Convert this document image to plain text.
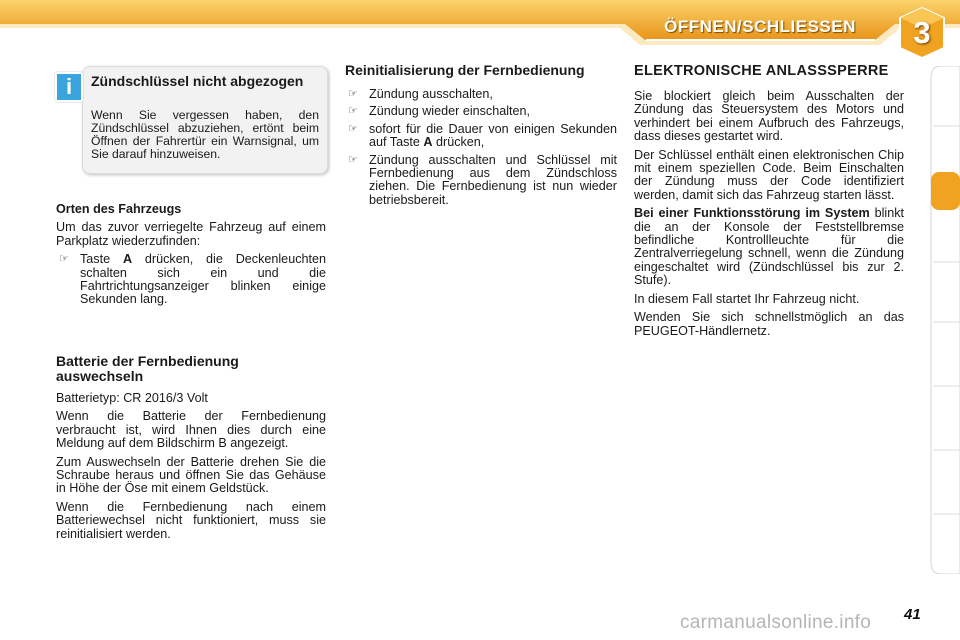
ÖFFNEN/SCHLIESSEN	3
Zündschlüssel nicht abgezogen
Wenn Sie vergessen haben, den Zündschlüssel abzuziehen, ertönt beim Öffnen der Fahrertür ein Warnsignal, um Sie darauf hinzuweisen.
i
Orten des Fahrzeugs

Um das zuvor verriegelte Fahrzeug auf einem Parkplatz wiederzufinden:

☞ Taste A drücken, die Deckenleuchten schalten sich ein und die Fahrtrichtungsanzeiger blinken einige Sekunden lang.
Batterie der Fernbedienung auswechseln

Batterietyp: CR 2016/3 Volt

Wenn die Batterie der Fernbedienung verbraucht ist, wird Ihnen dies durch eine Meldung auf dem Bildschirm B angezeigt.

Zum Auswechseln der Batterie drehen Sie die Schraube heraus und öffnen Sie das Gehäuse in Höhe der Öse mit einem Geldstück.

Wenn die Fernbedienung nach einem Batteriewechsel nicht funktioniert, muss sie reinitialisiert werden.

Reinitialisierung der Fernbedienung
☞ Zündung ausschalten,
☞ Zündung wieder einschalten,
☞ sofort für die Dauer von einigen Sekunden auf Taste A drücken,
☞ Zündung ausschalten und Schlüssel mit Fernbedienung aus dem Zündschloss ziehen. Die Fernbedienung ist nun wieder betriebsbereit.
ELEKTRONISCHE ANLASSSPERRE

Sie blockiert gleich beim Ausschalten der Zündung das Steuersystem des Motors und verhindert bei einem Aufbruch des Fahrzeugs, dass dieses gestartet wird.

Der Schlüssel enthält einen elektronischen Chip mit einem speziellen Code. Beim Einschalten der Zündung muss der Code identifiziert werden, damit sich das Fahrzeug starten lässt.

Bei einer Funktionsstörung im System blinkt die an der Konsole der Feststellbremse befindliche Kontrollleuchte für die Zentralverriegelung schnell, wenn die Zündung eingeschaltet wird (Zündschlüssel bis zur 2. Stufe).

In diesem Fall startet Ihr Fahrzeug nicht.

Wenden Sie sich schnellstmöglich an das PEUGEOT-Händlernetz.

41
carmanualsonline.info
